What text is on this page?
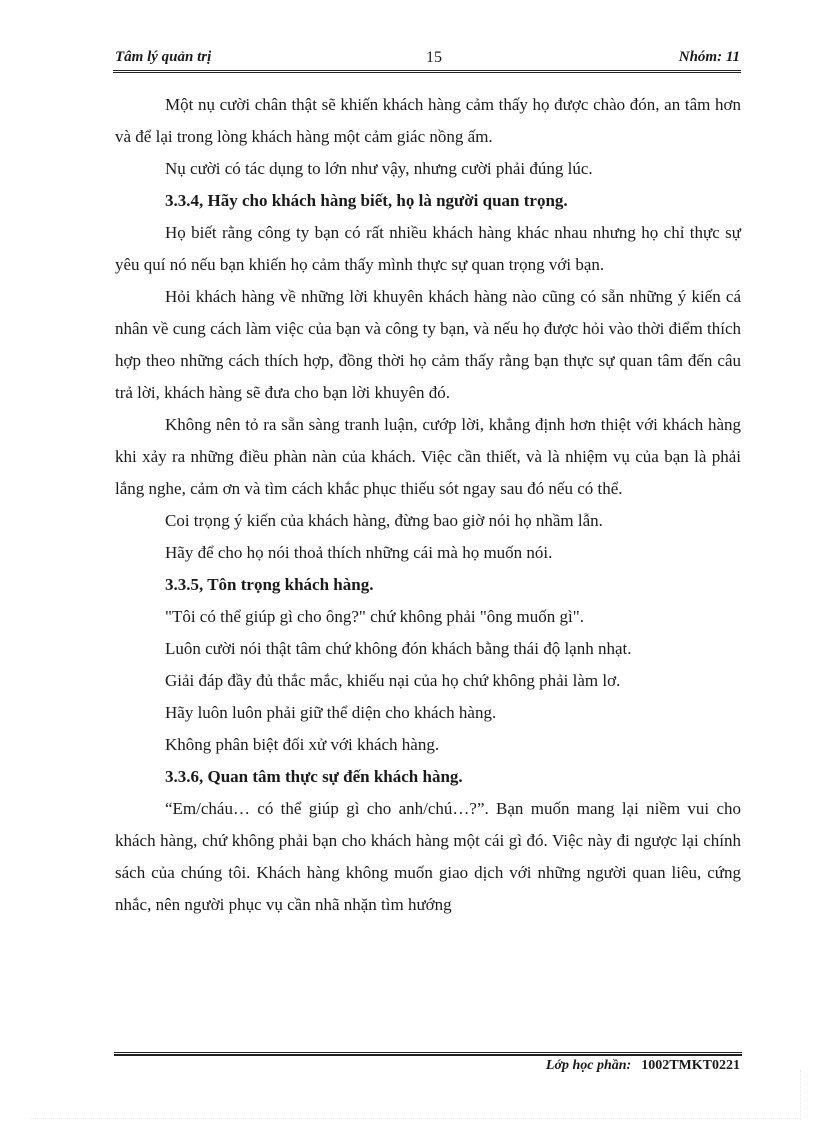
Tâm lý quản trị	15	Nhóm: 11

Một nụ cười chân thật sẽ khiến khách hàng cảm thấy họ được chào đón, an tâm hơn và để lại trong lòng khách hàng một cảm giác nồng ấm.

Nụ cười có tác dụng to lớn như vậy, nhưng cười phải đúng lúc.

3.3.4, Hãy cho khách hàng biết, họ là người quan trọng.

Họ biết rằng công ty bạn có rất nhiều khách hàng khác nhau nhưng họ chỉ thực sự yêu quí nó nếu bạn khiến họ cảm thấy mình thực sự quan trọng với bạn.

Hỏi khách hàng về những lời khuyên khách hàng nào cũng có sẵn những ý kiến cá nhân về cung cách làm việc của bạn và công ty bạn, và nếu họ được hỏi vào thời điểm thích hợp theo những cách thích hợp, đồng thời họ cảm thấy rằng bạn thực sự quan tâm đến câu trả lời, khách hàng sẽ đưa cho bạn lời khuyên đó.

Không nên tỏ ra sẵn sàng tranh luận, cướp lời, khẳng định hơn thiệt với khách hàng khi xảy ra những điều phàn nàn của khách. Việc cần thiết, và là nhiệm vụ của bạn là phải lắng nghe, cảm ơn và tìm cách khắc phục thiếu sót ngay sau đó nếu có thể.

Coi trọng ý kiến của khách hàng, đừng bao giờ nói họ nhầm lẫn.

Hãy để cho họ nói thoả thích những cái mà họ muốn nói.

3.3.5, Tôn trọng khách hàng.

"Tôi có thể giúp gì cho ông?" chứ không phải "ông muốn gì".

Luôn cười nói thật tâm chứ không đón khách bằng thái độ lạnh nhạt.

Giải đáp đầy đủ thắc mắc, khiếu nại của họ chứ không phải làm lơ.

Hãy luôn luôn phải giữ thể diện cho khách hàng.

Không phân biệt đối xử với khách hàng.

3.3.6, Quan tâm thực sự đến khách hàng.

“Em/cháu… có thể giúp gì cho anh/chú…?”. Bạn muốn mang lại niềm vui cho khách hàng, chứ không phải bạn cho khách hàng một cái gì đó. Việc này đi ngược lại chính sách của chúng tôi. Khách hàng không muốn giao dịch với những người quan liêu, cứng nhắc, nên người phục vụ cần nhã nhặn tìm hướng

Lớp học phần: 1002TMKT0221
